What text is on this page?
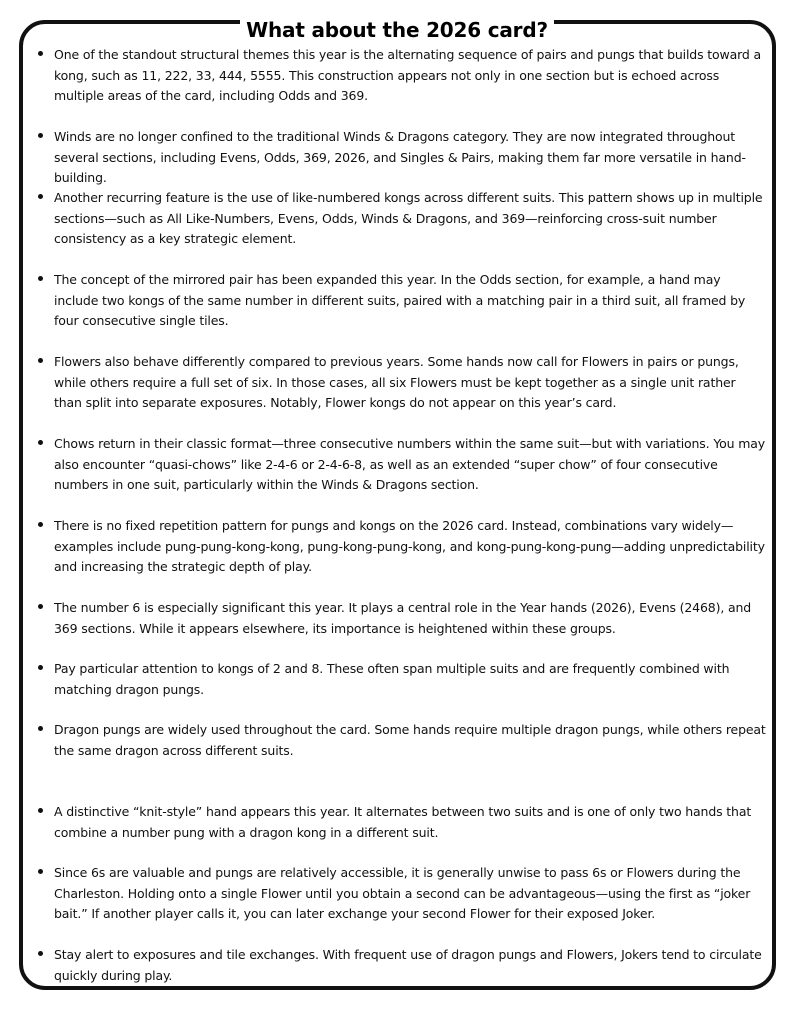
What about the 2026 card?
One of the standout structural themes this year is the alternating sequence of pairs and pungs that builds toward a kong, such as 11, 222, 33, 444, 5555. This construction appears not only in one section but is echoed across multiple areas of the card, including Odds and 369.
Winds are no longer confined to the traditional Winds & Dragons category. They are now integrated throughout several sections, including Evens, Odds, 369, 2026, and Singles & Pairs, making them far more versatile in hand-building.
Another recurring feature is the use of like-numbered kongs across different suits. This pattern shows up in multiple sections—such as All Like-Numbers, Evens, Odds, Winds & Dragons, and 369—reinforcing cross-suit number consistency as a key strategic element.
The concept of the mirrored pair has been expanded this year. In the Odds section, for example, a hand may include two kongs of the same number in different suits, paired with a matching pair in a third suit, all framed by four consecutive single tiles.
Flowers also behave differently compared to previous years. Some hands now call for Flowers in pairs or pungs, while others require a full set of six. In those cases, all six Flowers must be kept together as a single unit rather than split into separate exposures. Notably, Flower kongs do not appear on this year’s card.
Chows return in their classic format—three consecutive numbers within the same suit—but with variations. You may also encounter “quasi-chows” like 2-4-6 or 2-4-6-8, as well as an extended “super chow” of four consecutive numbers in one suit, particularly within the Winds & Dragons section.
There is no fixed repetition pattern for pungs and kongs on the 2026 card. Instead, combinations vary widely—examples include pung-pung-kong-kong, pung-kong-pung-kong, and kong-pung-kong-pung—adding unpredictability and increasing the strategic depth of play.
The number 6 is especially significant this year. It plays a central role in the Year hands (2026), Evens (2468), and 369 sections. While it appears elsewhere, its importance is heightened within these groups.
Pay particular attention to kongs of 2 and 8. These often span multiple suits and are frequently combined with matching dragon pungs.
Dragon pungs are widely used throughout the card. Some hands require multiple dragon pungs, while others repeat the same dragon across different suits.
A distinctive “knit-style” hand appears this year. It alternates between two suits and is one of only two hands that combine a number pung with a dragon kong in a different suit.
Since 6s are valuable and pungs are relatively accessible, it is generally unwise to pass 6s or Flowers during the Charleston. Holding onto a single Flower until you obtain a second can be advantageous—using the first as “joker bait.” If another player calls it, you can later exchange your second Flower for their exposed Joker.
Stay alert to exposures and tile exchanges. With frequent use of dragon pungs and Flowers, Jokers tend to circulate quickly during play.
